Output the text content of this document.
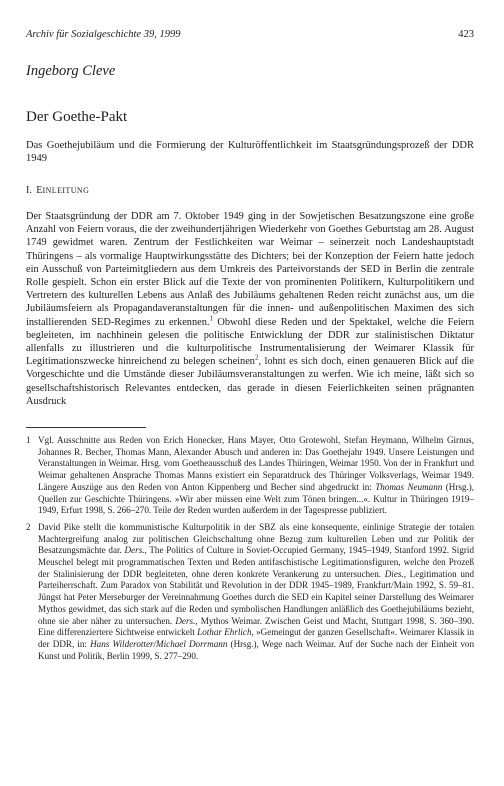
Archiv für Sozialgeschichte 39, 1999	423
Ingeborg Cleve
Der Goethe-Pakt
Das Goethejubiläum und die Formierung der Kulturöffentlichkeit im Staatsgründungsprozeß der DDR 1949
I. EINLEITUNG

Der Staatsgründung der DDR am 7. Oktober 1949 ging in der Sowjetischen Besatzungszone eine große Anzahl von Feiern voraus, die der zweihundertjährigen Wiederkehr von Goethes Geburtstag am 28. August 1749 gewidmet waren. Zentrum der Festlichkeiten war Weimar – seinerzeit noch Landeshauptstadt Thüringens – als vormalige Hauptwirkungsstätte des Dichters; bei der Konzeption der Feiern hatte jedoch ein Ausschuß von Parteimitgliedern aus dem Umkreis des Parteivorstands der SED in Berlin die zentrale Rolle gespielt. Schon ein erster Blick auf die Texte der von prominenten Politikern, Kulturpolitikern und Vertretern des kulturellen Lebens aus Anlaß des Jubiläums gehaltenen Reden reicht zunächst aus, um die Jubiläumsfeiern als Propagandaveranstaltungen für die innen- und außenpolitischen Maximen des sich installierenden SED-Regimes zu erkennen.$^1$ Obwohl diese Reden und der Spektakel, welche die Feiern begleiteten, im nachhinein gelesen die politische Entwicklung der DDR zur stalinistischen Diktatur allenfalls zu illustrieren und die kulturpolitische Instrumentalisierung der Weimarer Klassik für Legitimationszwecke hinreichend zu belegen scheinen$^2$, lohnt es sich doch, einen genaueren Blick auf die Vorgeschichte und die Umstände dieser Jubiläumsveranstaltungen zu werfen. Wie ich meine, läßt sich so gesellschaftshistorisch Relevantes entdecken, das gerade in diesen Feierlichkeiten seinen prägnanten Ausdruck

1 Vgl. Ausschnitte aus Reden von Erich Honecker, Hans Mayer, Otto Grotewohl, Stefan Heymann, Wilhelm Girnus, Johannes R. Becher, Thomas Mann, Alexander Abusch und anderen in: Das Goethejahr 1949. Unsere Leistungen und Veranstaltungen in Weimar. Hrsg. vom Goetheausschuß des Landes Thüringen, Weimar 1950. Von der in Frankfurt und Weimar gehaltenen Ansprache Thomas Manns existiert ein Separatdruck des Thüringer Volksverlags, Weimar 1949. Längere Auszüge aus den Reden von Anton Kippenberg und Becher sind abgedruckt in: Thomas Neumann (Hrsg.), Quellen zur Geschichte Thüringens. »Wir aber müssen eine Welt zum Tönen bringen...«. Kultur in Thüringen 1919–1949, Erfurt 1998, S. 266–270. Teile der Reden wurden außerdem in der Tagespresse publiziert.
2 David Pike stellt die kommunistische Kulturpolitik in der SBZ als eine konsequente, einlinige Strategie der totalen Machtergreifung analog zur politischen Gleichschaltung ohne Bezug zum kulturellen Leben und zur Politik der Besatzungsmächte dar. Ders., The Politics of Culture in Soviet-Occupied Germany, 1945–1949, Stanford 1992. Sigrid Meuschel belegt mit programmatischen Texten und Reden antifaschistische Legitimationsfiguren, welche den Prozeß der Stalinisierung der DDR begleiteten, ohne deren konkrete Verankerung zu untersuchen. Dies., Legitimation und Parteiherrschaft. Zum Paradox von Stabilität und Revolution in der DDR 1945–1989, Frankfurt/Main 1992, S. 59–81. Jüngst hat Peter Merseburger der Vereinnahmung Goethes durch die SED ein Kapitel seiner Darstellung des Weimarer Mythos gewidmet, das sich stark auf die Reden und symbolischen Handlungen anläßlich des Goethejubiläums bezieht, ohne sie aber näher zu untersuchen. Ders., Mythos Weimar. Zwischen Geist und Macht, Stuttgart 1998, S. 360–390. Eine differenziertere Sichtweise entwickelt Lothar Ehrlich, »Gemeingut der ganzen Gesellschaft«. Weimarer Klassik in der DDR, in: Hans Wilderotter/Michael Dorrmann (Hrsg.), Wege nach Weimar. Auf der Suche nach der Einheit von Kunst und Politik, Berlin 1999, S. 277–290.
